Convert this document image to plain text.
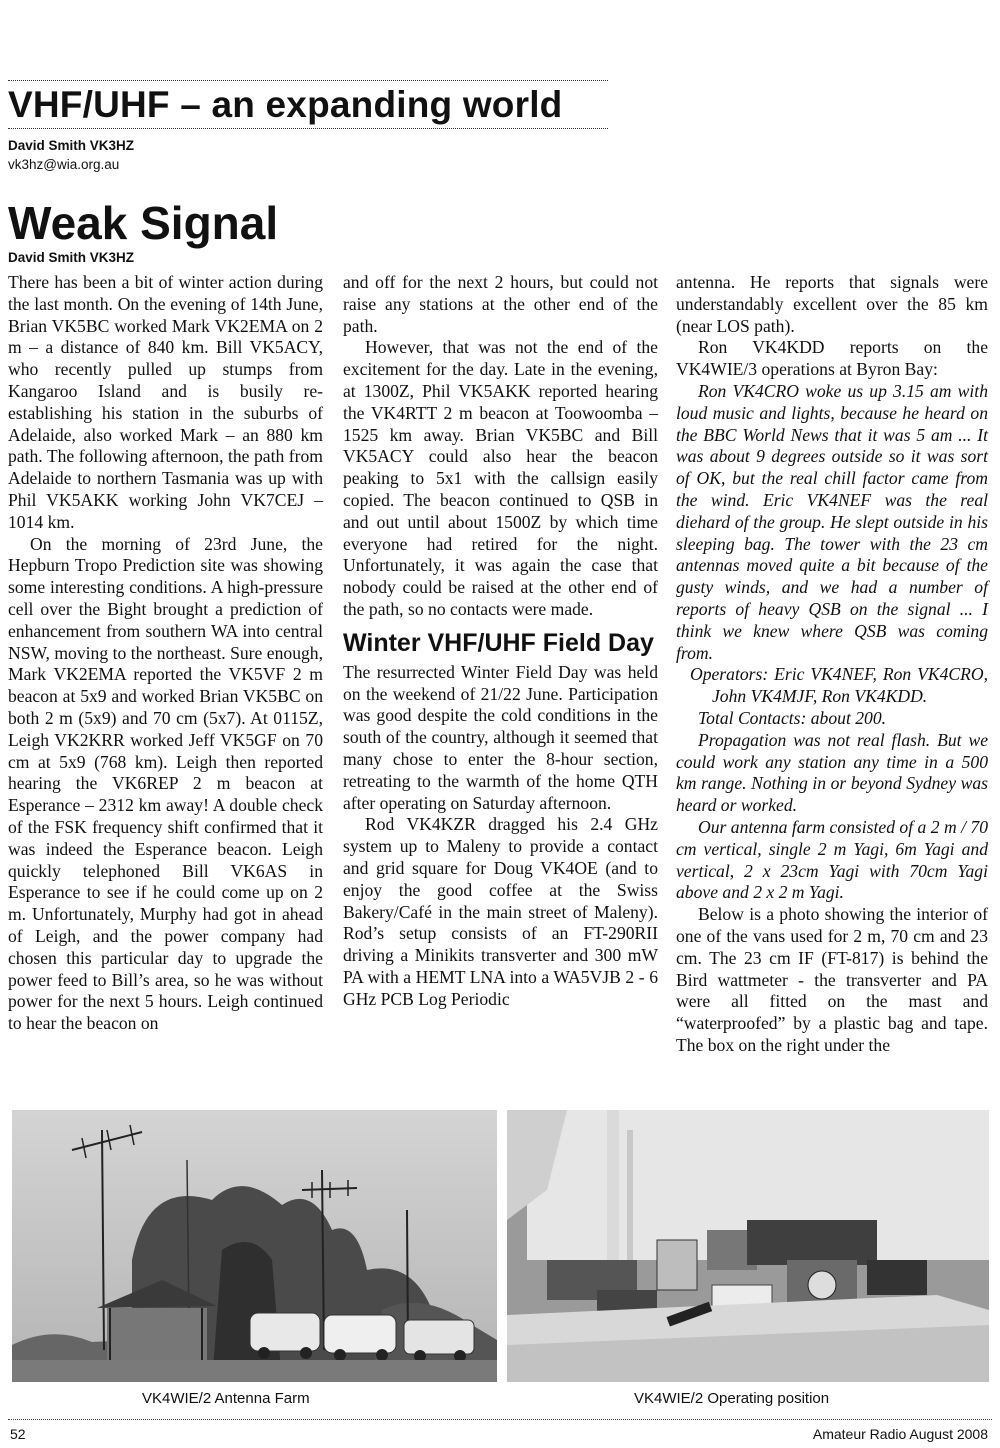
VHF/UHF – an expanding world
David Smith VK3HZ
vk3hz@wia.org.au
Weak Signal
David Smith VK3HZ

There has been a bit of winter action during the last month. On the evening of 14th June, Brian VK5BC worked Mark VK2EMA on 2 m – a distance of 840 km. Bill VK5ACY, who recently pulled up stumps from Kangaroo Island and is busily re-establishing his station in the suburbs of Adelaide, also worked Mark – an 880 km path. The following afternoon, the path from Adelaide to northern Tasmania was up with Phil VK5AKK working John VK7CEJ – 1014 km.

On the morning of 23rd June, the Hepburn Tropo Prediction site was showing some interesting conditions. A high-pressure cell over the Bight brought a prediction of enhancement from southern WA into central NSW, moving to the northeast. Sure enough, Mark VK2EMA reported the VK5VF 2 m beacon at 5x9 and worked Brian VK5BC on both 2 m (5x9) and 70 cm (5x7). At 0115Z, Leigh VK2KRR worked Jeff VK5GF on 70 cm at 5x9 (768 km). Leigh then reported hearing the VK6REP 2 m beacon at Esperance – 2312 km away! A double check of the FSK frequency shift confirmed that it was indeed the Esperance beacon. Leigh quickly telephoned Bill VK6AS in Esperance to see if he could come up on 2 m. Unfortunately, Murphy had got in ahead of Leigh, and the power company had chosen this particular day to upgrade the power feed to Bill’s area, so he was without power for the next 5 hours. Leigh continued to hear the beacon on

and off for the next 2 hours, but could not raise any stations at the other end of the path.

However, that was not the end of the excitement for the day. Late in the evening, at 1300Z, Phil VK5AKK reported hearing the VK4RTT 2 m beacon at Toowoomba – 1525 km away. Brian VK5BC and Bill VK5ACY could also hear the beacon peaking to 5x1 with the callsign easily copied. The beacon continued to QSB in and out until about 1500Z by which time everyone had retired for the night. Unfortunately, it was again the case that nobody could be raised at the other end of the path, so no contacts were made.

Winter VHF/UHF Field Day

The resurrected Winter Field Day was held on the weekend of 21/22 June. Participation was good despite the cold conditions in the south of the country, although it seemed that many chose to enter the 8-hour section, retreating to the warmth of the home QTH after operating on Saturday afternoon.

Rod VK4KZR dragged his 2.4 GHz system up to Maleny to provide a contact and grid square for Doug VK4OE (and to enjoy the good coffee at the Swiss Bakery/Café in the main street of Maleny). Rod’s setup consists of an FT-290RII driving a Minikits transverter and 300 mW PA with a HEMT LNA into a WA5VJB 2 - 6 GHz PCB Log Periodic

antenna. He reports that signals were understandably excellent over the 85 km (near LOS path).

Ron VK4KDD reports on the VK4WIE/3 operations at Byron Bay:

Ron VK4CRO woke us up 3.15 am with loud music and lights, because he heard on the BBC World News that it was 5 am ... It was about 9 degrees outside so it was sort of OK, but the real chill factor came from the wind. Eric VK4NEF was the real diehard of the group. He slept outside in his sleeping bag. The tower with the 23 cm antennas moved quite a bit because of the gusty winds, and we had a number of reports of heavy QSB on the signal ... I think we knew where QSB was coming from.

Operators: Eric VK4NEF, Ron VK4CRO, John VK4MJF, Ron VK4KDD.

Total Contacts: about 200.

Propagation was not real flash. But we could work any station any time in a 500 km range. Nothing in or beyond Sydney was heard or worked.

Our antenna farm consisted of a 2 m / 70 cm vertical, single 2 m Yagi, 6m Yagi and vertical, 2 x 23cm Yagi with 70cm Yagi above and 2 x 2 m Yagi.

Below is a photo showing the interior of one of the vans used for 2 m, 70 cm and 23 cm. The 23 cm IF (FT-817) is behind the Bird wattmeter - the transverter and PA were all fitted on the mast and “waterproofed” by a plastic bag and tape. The box on the right under the

VK4WIE/2 Antenna Farm	VK4WIE/2 Operating position
52	Amateur Radio August 2008
